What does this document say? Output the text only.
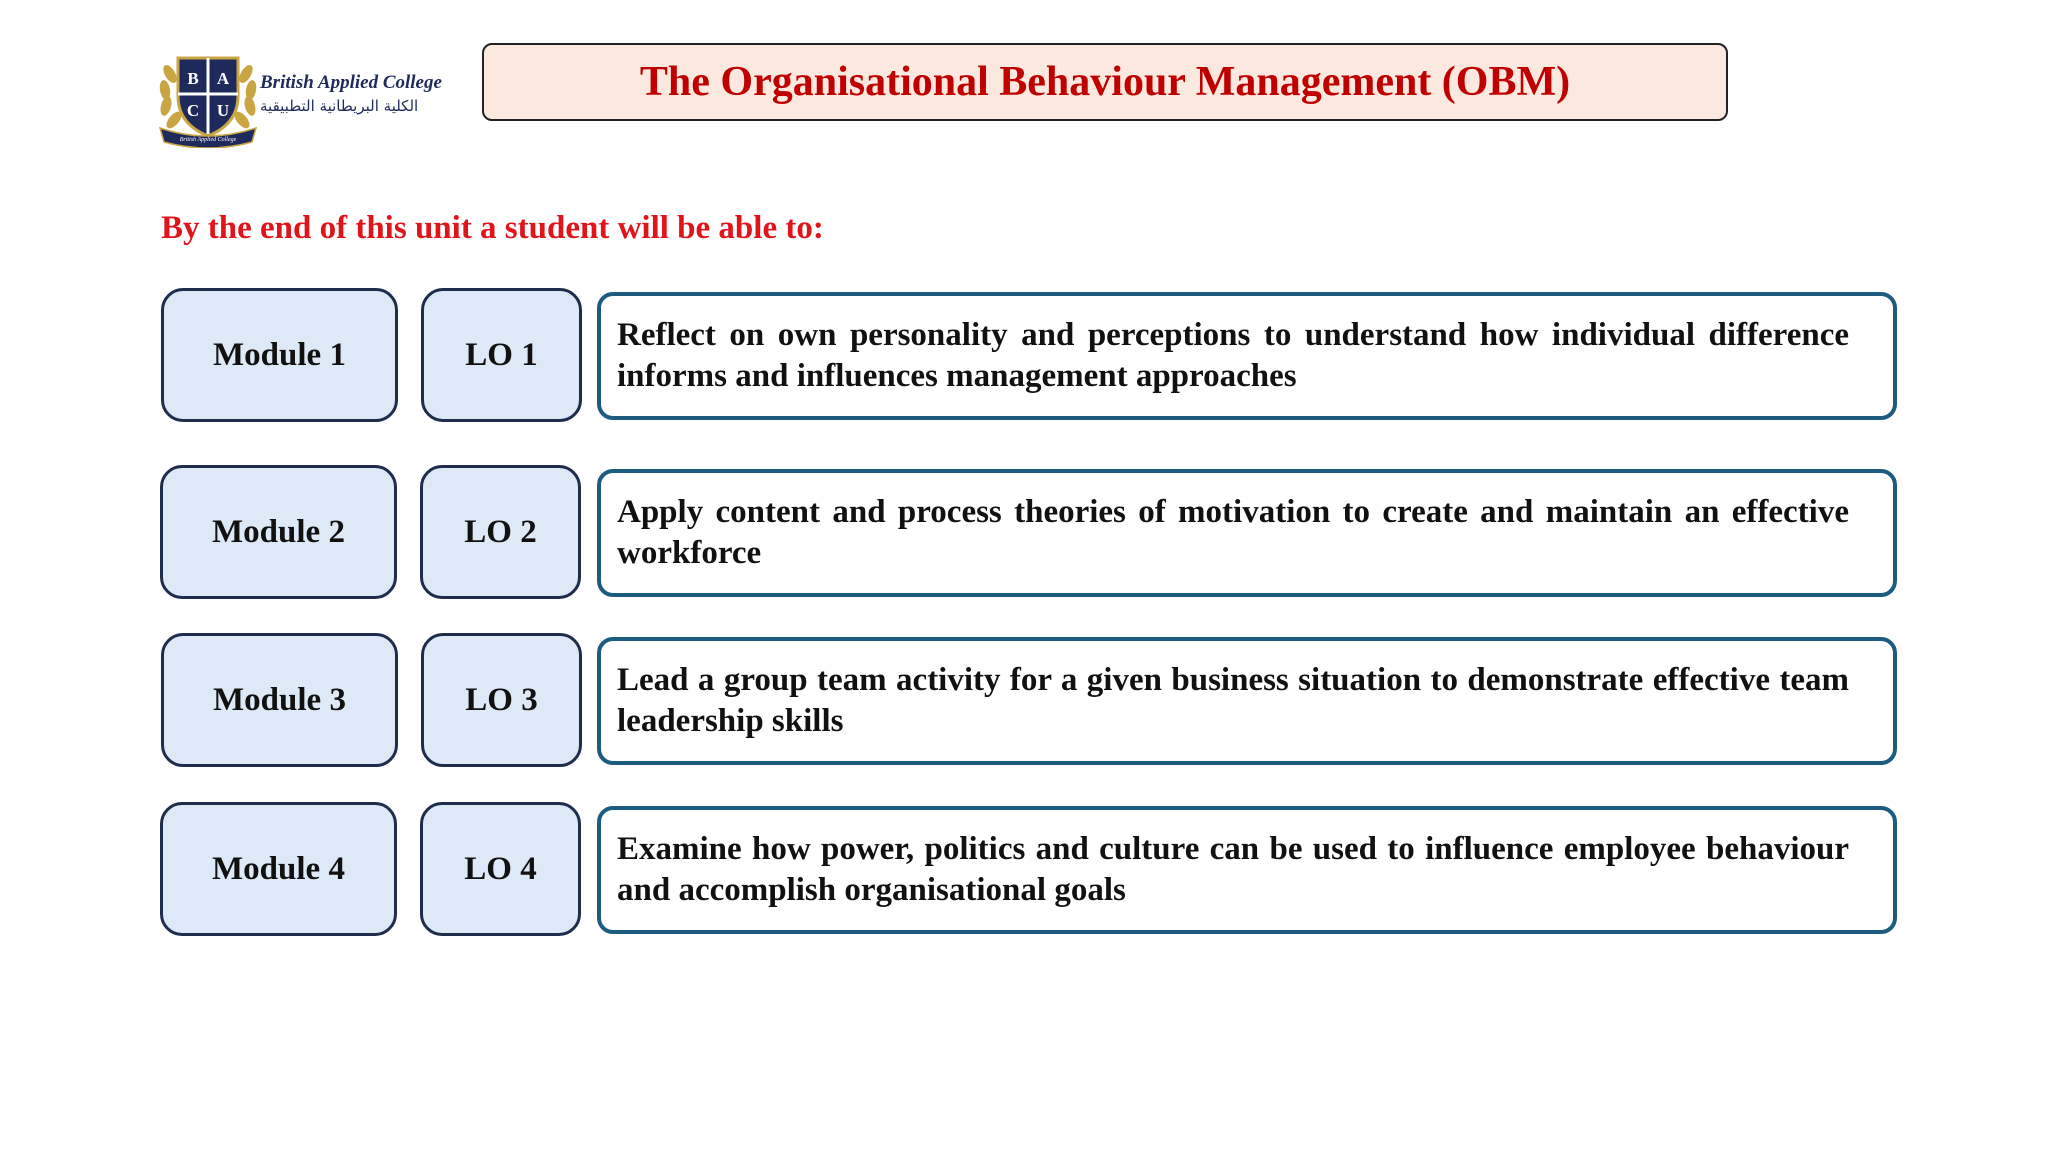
B A
C U
British Applied College
British Applied College
الكلية البريطانية التطبيقية
The Organisational Behaviour Management (OBM)
By the end of this unit a student will be able to:
Module 1	LO 1
Reflect on own personality and perceptions to understand how individual difference informs and influences management approaches
Module 2	LO 2
Apply content and process theories of motivation to create and maintain an effective workforce
Module 3	LO 3
Lead a group team activity for a given business situation to demonstrate effective team leadership skills
Module 4	LO 4
Examine how power, politics and culture can be used to influence employee behaviour and accomplish organisational goals
